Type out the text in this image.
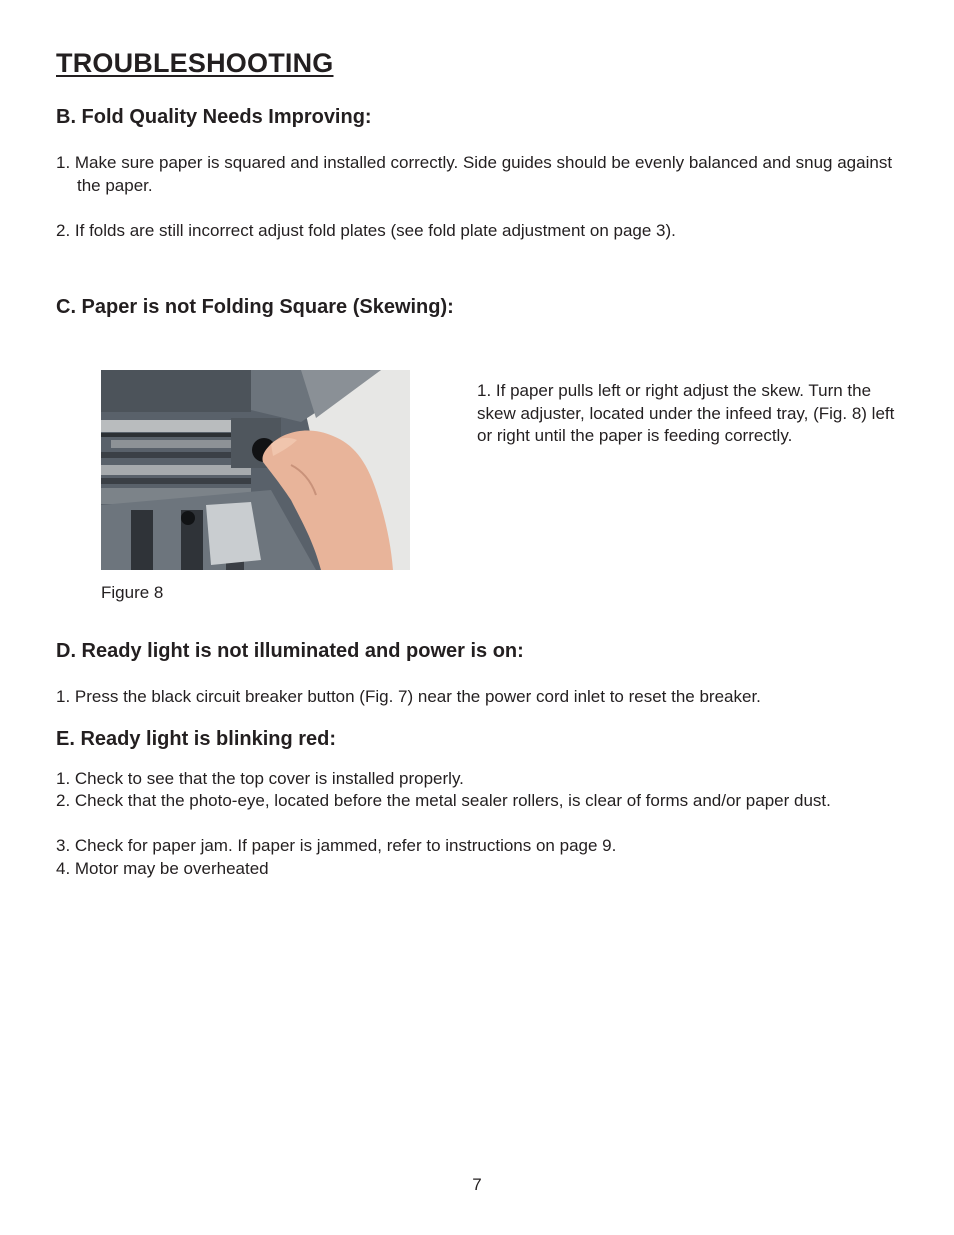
TROUBLESHOOTING
B. Fold Quality Needs Improving:
1. Make sure paper is squared and installed correctly. Side guides should be evenly balanced and snug against the paper.
2. If folds are still incorrect adjust fold plates (see fold plate adjustment on page 3).
C. Paper is not Folding Square (Skewing):
Figure 8
1. If paper pulls left or right adjust the skew. Turn the skew adjuster, located under the infeed tray, (Fig. 8) left or right until the paper is feeding correctly.
D. Ready light is not illuminated and power is on:
1. Press the black circuit breaker button (Fig. 7) near the power cord inlet to reset the breaker.
E. Ready light is blinking red:
1. Check to see that the top cover is installed properly.
2. Check that the photo-eye, located before the metal sealer rollers, is clear of forms and/or paper dust.
3. Check for paper jam. If paper is jammed, refer to instructions on page 9.
4. Motor may be overheated
7
